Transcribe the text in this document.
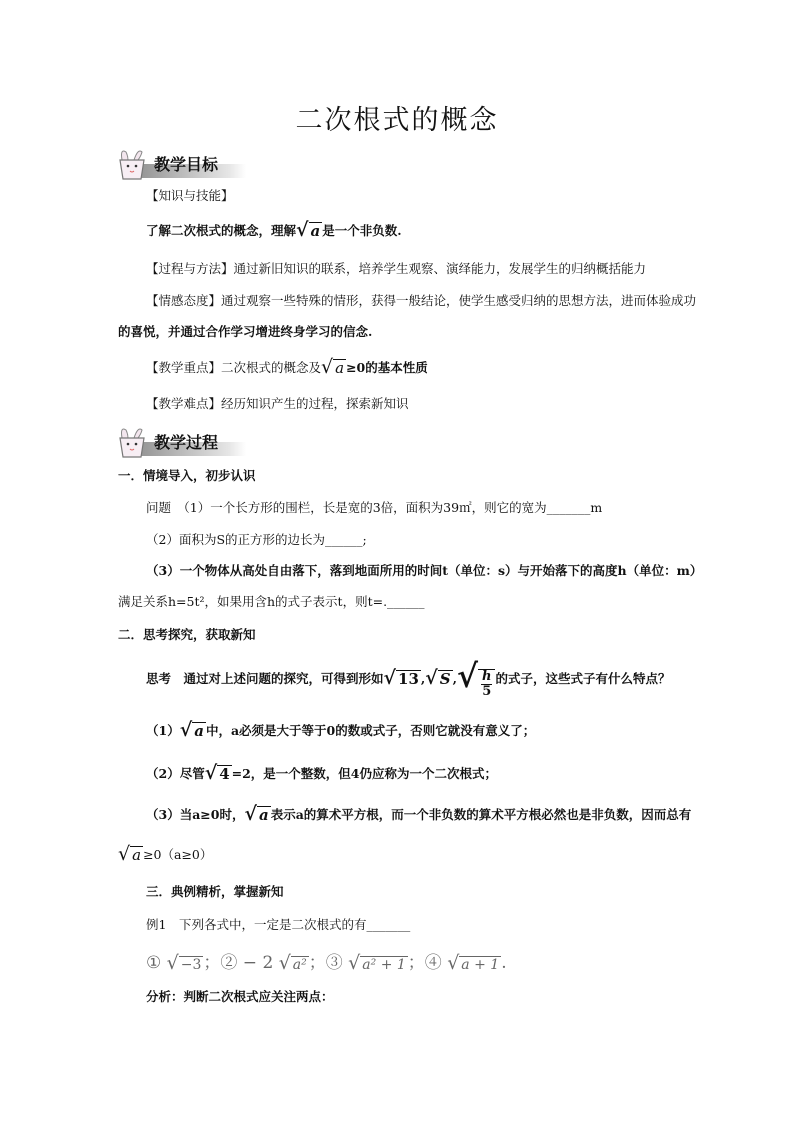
二次根式的概念
教学目标
【知识与技能】
了解二次根式的概念，理解√ a 是一个非负数.
【过程与方法】通过新旧知识的联系，培养学生观察、演绎能力，发展学生的归纳概括能力
【情感态度】通过观察一些特殊的情形，获得一般结论，使学生感受归纳的思想方法，进而体验成功
的喜悦，并通过合作学习增进终身学习的信念.
【教学重点】二次根式的概念及√ a ≥0的基本性质
【教学难点】经历知识产生的过程，探索新知识
教学过程
一．情境导入，初步认识
问题　（1）一个长方形的围栏，长是宽的3倍，面积为39㎡，则它的宽为_______m
（2）面积为S的正方形的边长为______;
（3）一个物体从高处自由落下，落到地面所用的时间t（单位：s）与开始落下的高度h（单位：m）
满足关系h=5t²，如果用含h的式子表示t，则t=.______
二．思考探究，获取新知
思考　通过对上述问题的探究，可得到形如√ 13 ,√ S ,√ $\frac{h}{5}$ 的式子，这些式子有什么特点？
（1）√ a 中，a必须是大于等于0的数或式子，否则它就没有意义了；
（2）尽管√ 4 =2，是一个整数，但4仍应称为一个二次根式；
（3）当a≥0时，√ a 表示a的算术平方根，而一个非负数的算术平方根必然也是非负数，因而总有
√ a ≥0（a≥0）
三．典例精析，掌握新知
例1　下列各式中，一定是二次根式的有_______
① √ −3 ；② − 2 √ a² ；③ √ a² + 1 ；④ √ a + 1 .
分析：判断二次根式应关注两点：
